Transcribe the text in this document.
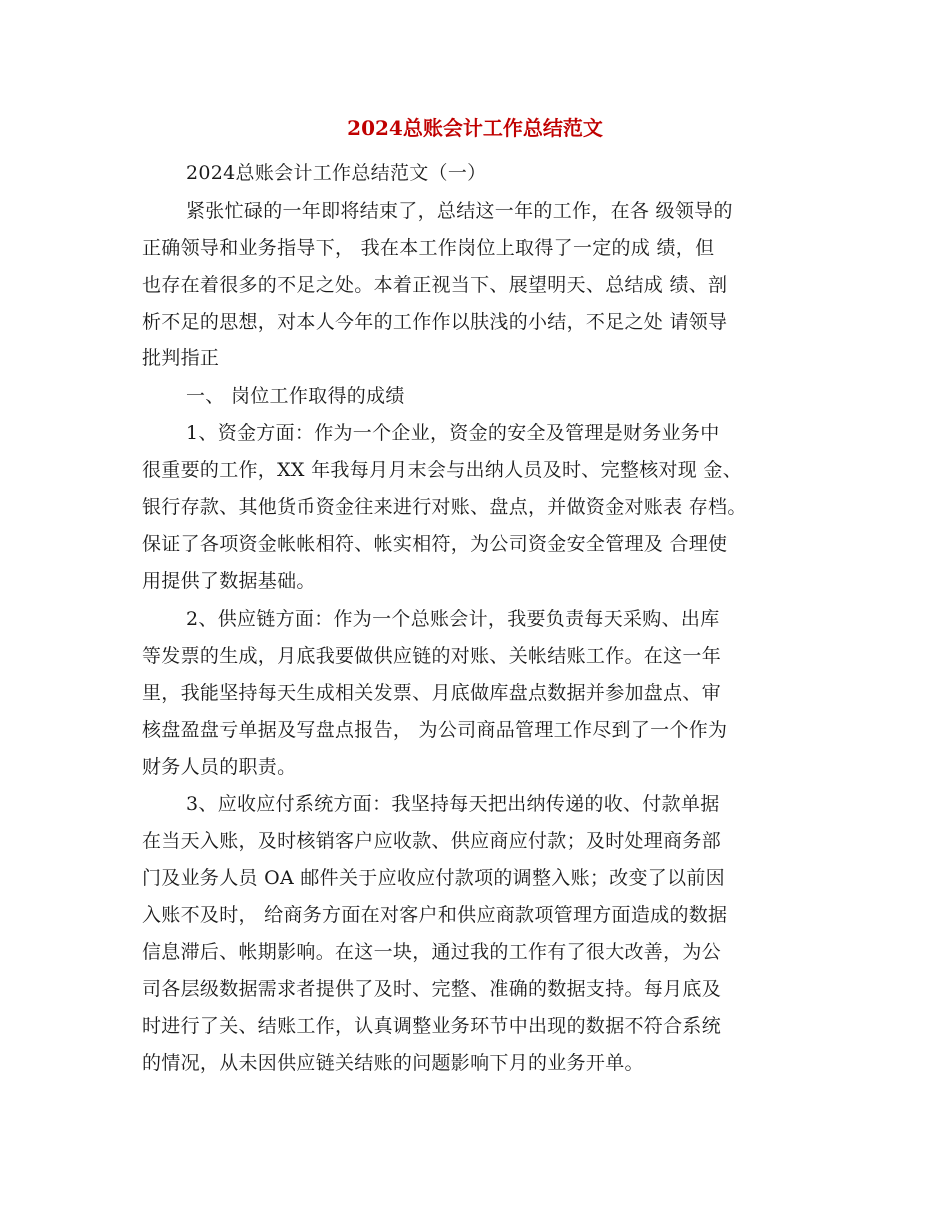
2024总账会计工作总结范文
2024总账会计工作总结范文（一）
紧张忙碌的一年即将结束了，总结这一年的工作，在各 级领导的
正确领导和业务指导下， 我在本工作岗位上取得了一定的成 绩，但
也存在着很多的不足之处。本着正视当下、展望明天、总结成 绩、剖
析不足的思想，对本人今年的工作作以肤浅的小结，不足之处 请领导
批判指正
一、 岗位工作取得的成绩
1、资金方面：作为一个企业，资金的安全及管理是财务业务中
很重要的工作，XX 年我每月月末会与出纳人员及时、完整核对现 金、
银行存款、其他货币资金往来进行对账、盘点，并做资金对账表 存档。
保证了各项资金帐帐相符、帐实相符，为公司资金安全管理及 合理使
用提供了数据基础。
2、供应链方面：作为一个总账会计，我要负责每天采购、出库
等发票的生成，月底我要做供应链的对账、关帐结账工作。在这一年
里，我能坚持每天生成相关发票、月底做库盘点数据并参加盘点、审
核盘盈盘亏单据及写盘点报告， 为公司商品管理工作尽到了一个作为
财务人员的职责。
3、应收应付系统方面：我坚持每天把出纳传递的收、付款单据
在当天入账，及时核销客户应收款、供应商应付款；及时处理商务部
门及业务人员 OA 邮件关于应收应付款项的调整入账；改变了以前因
入账不及时， 给商务方面在对客户和供应商款项管理方面造成的数据
信息滞后、帐期影响。在这一块，通过我的工作有了很大改善，为公
司各层级数据需求者提供了及时、完整、准确的数据支持。每月底及
时进行了关、结账工作，认真调整业务环节中出现的数据不符合系统
的情况，从未因供应链关结账的问题影响下月的业务开单。
